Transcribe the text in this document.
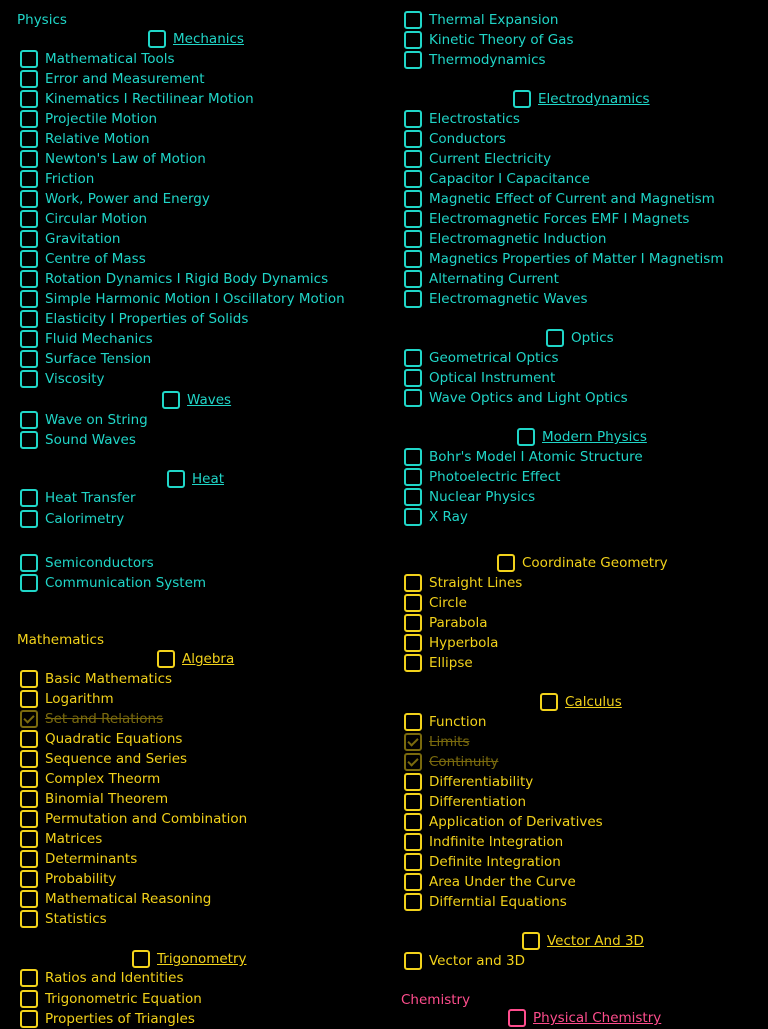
Physics
Mechanics
Mathematical Tools
Error and Measurement
Kinematics I Rectilinear Motion
Projectile Motion
Relative Motion
Newton's Law of Motion
Friction
Work, Power and Energy
Circular Motion
Gravitation
Centre of Mass
Rotation Dynamics I Rigid Body Dynamics
Simple Harmonic Motion I Oscillatory Motion
Elasticity I Properties of Solids
Fluid Mechanics
Surface Tension
Viscosity
Waves
Wave on String
Sound Waves
Heat
Heat Transfer
Calorimetry
Semiconductors
Communication System
Mathematics
Algebra
Basic Mathematics
Logarithm
Set and Relations
Quadratic Equations
Sequence and Series
Complex Theorm
Binomial Theorem
Permutation and Combination
Matrices
Determinants
Probability
Mathematical Reasoning
Statistics
Trigonometry
Ratios and Identities
Trigonometric Equation
Properties of Triangles
Thermal Expansion
Kinetic Theory of Gas
Thermodynamics
Electrodynamics
Electrostatics
Conductors
Current Electricity
Capacitor I Capacitance
Magnetic Effect of Current and Magnetism
Electromagnetic Forces EMF I Magnets
Electromagnetic Induction
Magnetics Properties of Matter I Magnetism
Alternating Current
Electromagnetic Waves
Optics
Geometrical Optics
Optical Instrument
Wave Optics and Light Optics
Modern Physics
Bohr's Model I Atomic Structure
Photoelectric Effect
Nuclear Physics
X Ray
Coordinate Geometry
Straight Lines
Circle
Parabola
Hyperbola
Ellipse
Calculus
Function
Limits
Continuity
Differentiability
Differentiation
Application of Derivatives
Indfinite Integration
Definite Integration
Area Under the Curve
Differntial Equations
Vector And 3D
Vector and 3D
Chemistry
Physical Chemistry
